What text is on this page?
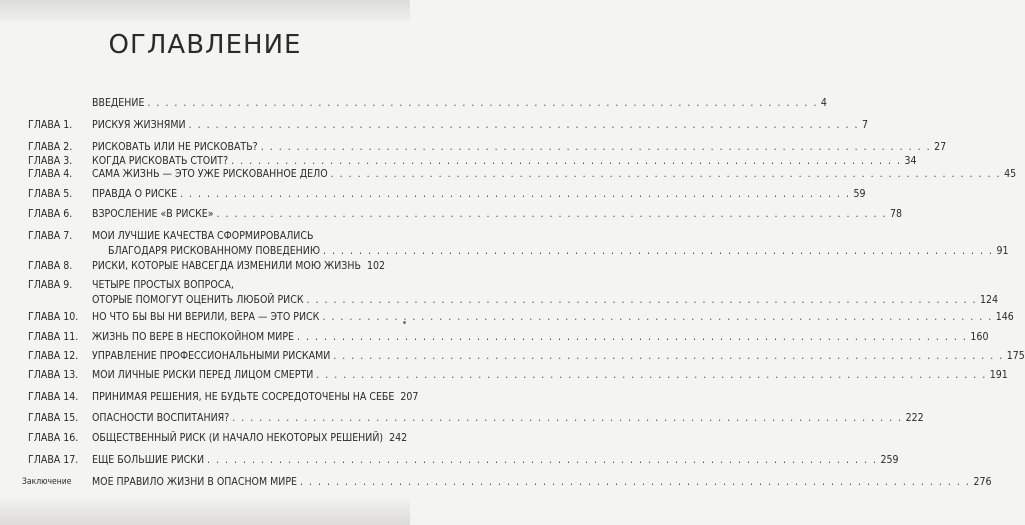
ОГЛАВЛЕНИЕ
ВВЕДЕНИЕ . . .	4
ГЛАВА 1. РИСКУЯ ЖИЗНЯМИ . . .	7
ГЛАВА 2. РИСКОВАТЬ ИЛИ НЕ РИСКОВАТЬ? . . .	27
ГЛАВА 3. КОГДА РИСКОВАТЬ СТОИТ? . . .	34
ГЛАВА 4. САМА ЖИЗНЬ — ЭТО УЖЕ РИСКОВАННОЕ ДЕЛО . . .	45
ГЛАВА 5. ПРАВДА О РИСКЕ . . .	59
ГЛАВА 6. ВЗРОСЛЕНИЕ «В РИСКЕ» . . .	78
ГЛАВА 7. МОИ ЛУЧШИЕ КАЧЕСТВА СФОРМИРОВАЛИСЬ
БЛАГОДАРЯ РИСКОВАННОМУ ПОВЕДЕНИЮ . . .	91
ГЛАВА 8. РИСКИ, КОТОРЫЕ НАВСЕГДА ИЗМЕНИЛИ МОЮ ЖИЗНЬ 102
ГЛАВА 9. ЧЕТЫРЕ ПРОСТЫХ ВОПРОСА,
ОТОРЫЕ ПОМОГУТ ОЦЕНИТЬ ЛЮБОЙ РИСК . . .	124
ГЛАВА 10. НО ЧТО БЫ ВЫ НИ ВЕРИЛИ, ВЕРА — ЭТО РИСК . . .	146
ГЛАВА 11. ЖИЗНЬ ПО ВЕРЕ В НЕСПОКОЙНОМ МИРЕ . . .	160
ГЛАВА 12. УПРАВЛЕНИЕ ПРОФЕССИОНАЛЬНЫМИ РИСКАМИ . . .	175
ГЛАВА 13. МОИ ЛИЧНЫЕ РИСКИ ПЕРЕД ЛИЦОМ СМЕРТИ . . .	191
ГЛАВА 14. ПРИНИМАЯ РЕШЕНИЯ, НЕ БУДЬТЕ СОСРЕДОТОЧЕНЫ НА СЕБЕ 207
ГЛАВА 15. ОПАСНОСТИ ВОСПИТАНИЯ? . . .	222
ГЛАВА 16. ОБЩЕСТВЕННЫЙ РИСК (И НАЧАЛО НЕКОТОРЫХ РЕШЕНИЙ) 242
ГЛАВА 17. ЕЩЕ БОЛЬШИЕ РИСКИ . . .	259
Заключение МОЕ ПРАВИЛО ЖИЗНИ В ОПАСНОМ МИРЕ . . .	276
